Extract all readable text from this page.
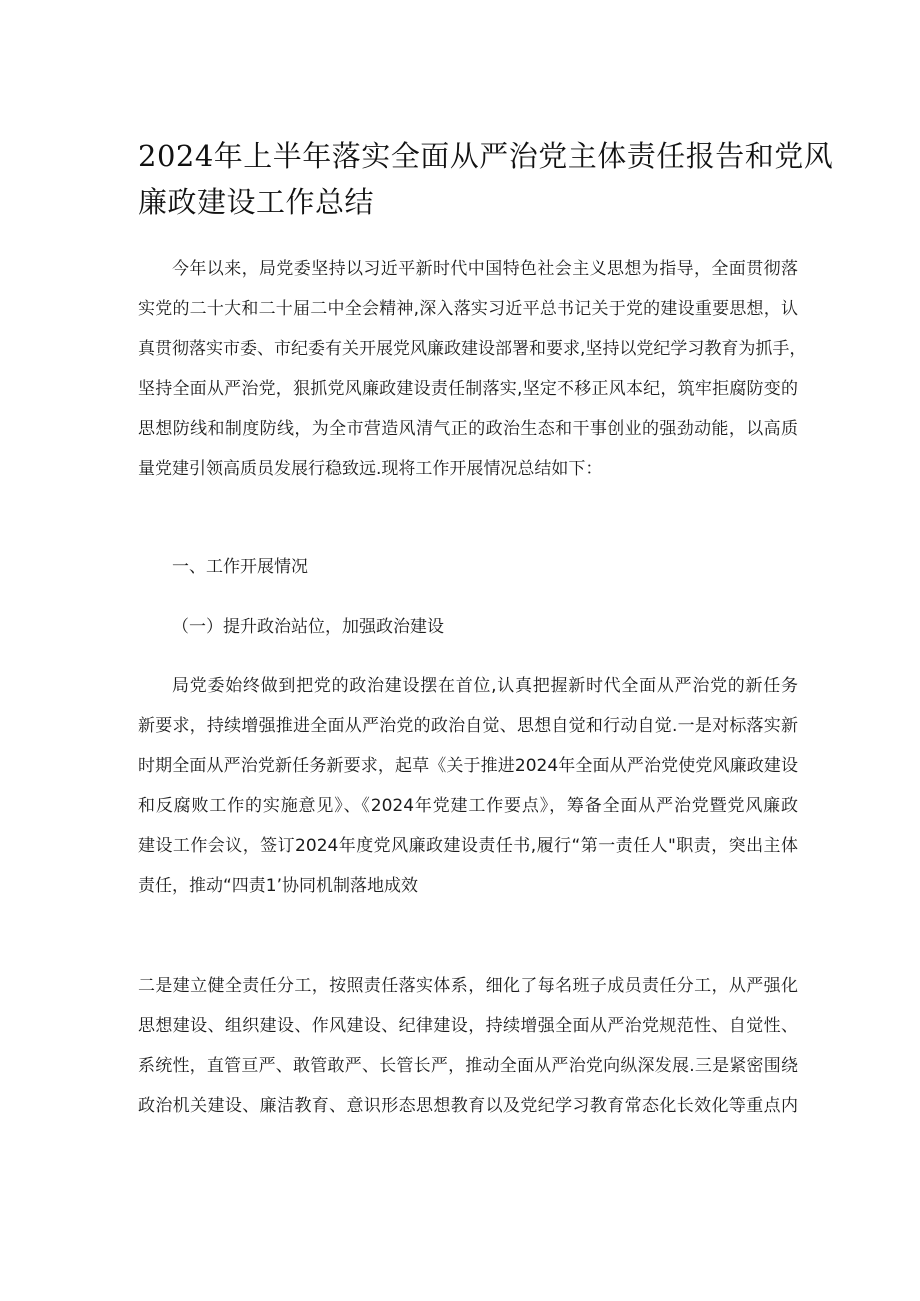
2024年上半年落实全面从严治党主体责任报告和党风
廉政建设工作总结
今年以来，局党委坚持以习近平新时代中国特色社会主义思想为指导，全面贯彻落
实党的二十大和二十届二中全会精神,深入落实习近平总书记关于党的建设重要思想，认
真贯彻落实市委、市纪委有关开展党风廉政建设部署和要求,坚持以党纪学习教育为抓手，
坚持全面从严治党，狠抓党风廉政建设责任制落实,坚定不移正风本纪，筑牢拒腐防变的
思想防线和制度防线，为全市营造风清气正的政治生态和干事创业的强劲动能，以高质
量党建引领高质员发展行稳致远.现将工作开展情况总结如下：

一、工作开展情况

（一）提升政治站位，加强政治建设

局党委始终做到把党的政治建设摆在首位,认真把握新时代全面从严治党的新任务
新要求，持续增强推进全面从严治党的政治自觉、思想自觉和行动自觉.一是对标落实新
时期全面从严治党新任务新要求，起草《关于推进2024年全面从严治党使党风廉政建设
和反腐败工作的实施意见》、《2024年党建工作要点》，筹备全面从严治党暨党风廉政
建设工作会议，签订2024年度党风廉政建设责任书,履行“第一责任人"职责，突出主体
责任，推动“四责1’协同机制落地成效
二是建立健全责任分工，按照责任落实体系，细化了每名班子成员责任分工，从严强化
思想建设、组织建设、作风建设、纪律建设，持续增强全面从严治党规范性、自觉性、
系统性，直管亘严、敢管敢严、长管长严，推动全面从严治党向纵深发展.三是紧密围绕
政治机关建设、廉洁教育、意识形态思想教育以及党纪学习教育常态化长效化等重点内
